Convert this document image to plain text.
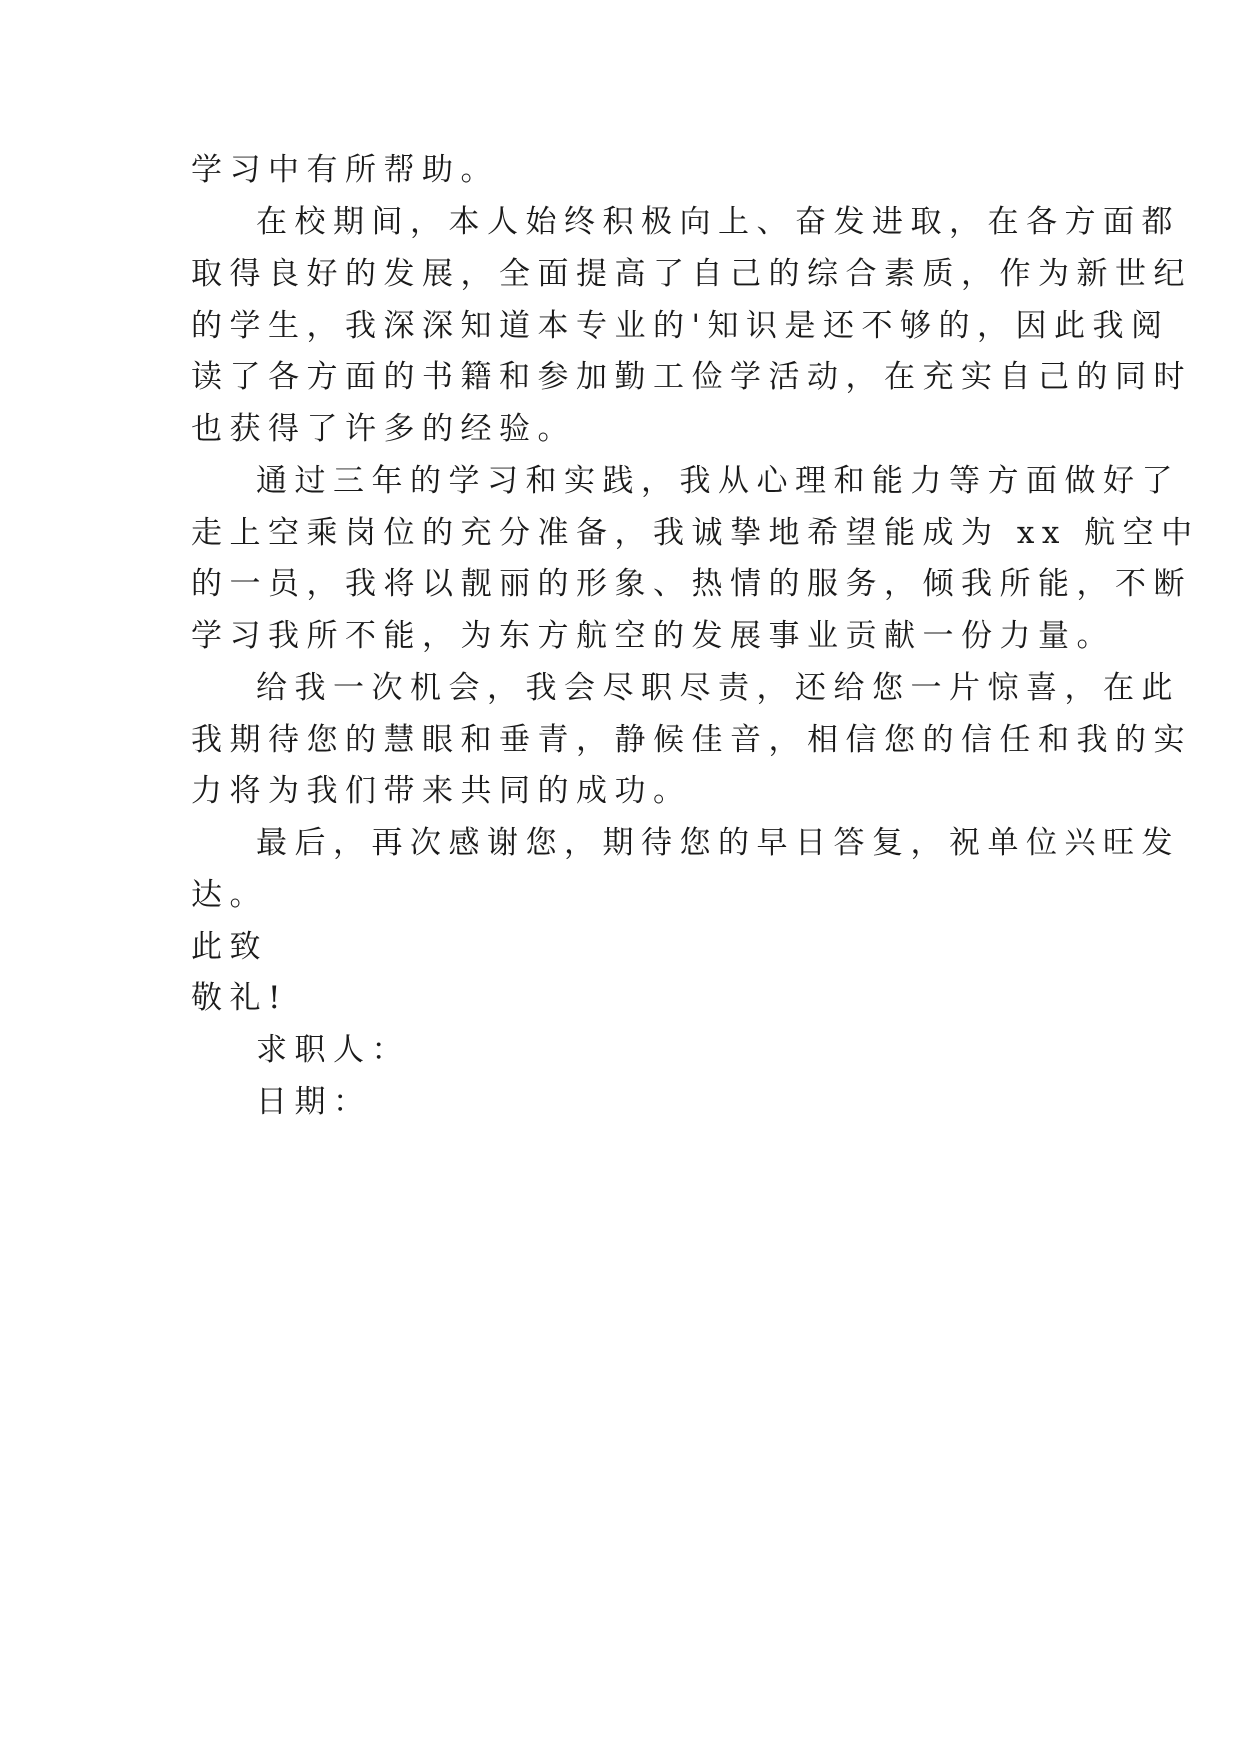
学习中有所帮助。
在校期间，本人始终积极向上、奋发进取，在各方面都
取得良好的发展，全面提高了自己的综合素质，作为新世纪
的学生，我深深知道本专业的'知识是还不够的，因此我阅
读了各方面的书籍和参加勤工俭学活动，在充实自己的同时
也获得了许多的经验。
通过三年的学习和实践，我从心理和能力等方面做好了
走上空乘岗位的充分准备，我诚挚地希望能成为 xx 航空中
的一员，我将以靓丽的形象、热情的服务，倾我所能，不断
学习我所不能，为东方航空的发展事业贡献一份力量。
给我一次机会，我会尽职尽责，还给您一片惊喜，在此
我期待您的慧眼和垂青，静候佳音，相信您的信任和我的实
力将为我们带来共同的成功。
最后，再次感谢您，期待您的早日答复，祝单位兴旺发
达。
此致
敬礼!
求职人：
日期：
